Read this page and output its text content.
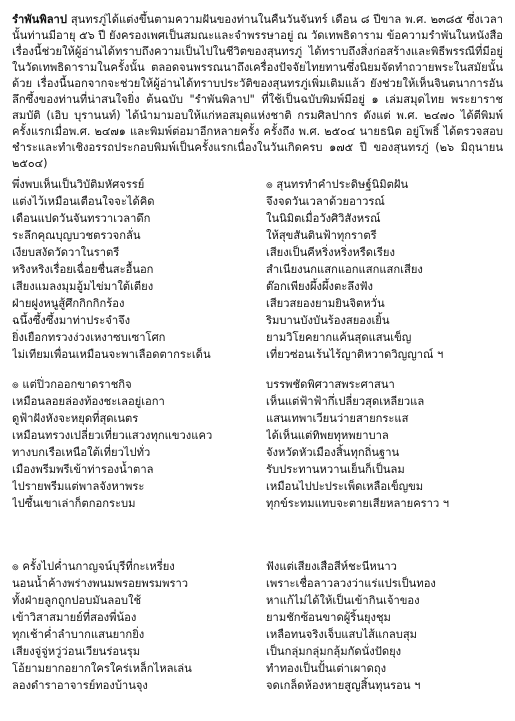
รำพันพิลาป สุนทรภู่ได้แต่งขึ้นตามความฝันของท่านในคืนวันจันทร์ เดือน ๘ ปีขาล พ.ศ. ๒๓๘๕ ซึ่งเวลานั้นท่านมีอายุ ๕๖ ปี ยังครองเพศเป็นสมณะและจำพรรษาอยู่ ณ วัดเทพธิดาราม ข้อความรำพันในหนังสือเรื่องนี้ช่วยให้ผู้อ่านได้ทราบถึงความเป็นไปในชีวิตของสุนทรภู่ ได้ทราบถึงสิ่งก่อสร้างและพิธีพรรณีที่มีอยู่ในวัดเทพธิดารามในครั้งนั้น ตลอดจนพรรณนาถึงเครื่องปัจจัยไทยทานซึ่งนิยมจัดทำถวายพระในสมัยนั้นด้วย เรื่องนี้นอกจากจะช่วยให้ผู้อ่านได้ทราบประวัติของสุนทรภู่เพิ่มเติมแล้ว ยังช่วยให้เห็นจินตนาการอันลึกซึ้งของท่านที่น่าสนใจยิ่ง ต้นฉบับ "รำพันพิลาป" ที่ใช้เป็นฉบับพิมพ์มีอยู่ ๑ เล่มสมุดไทย พระยาราชสมบัติ (เอิบ บุรานนท์) ได้นำมามอบให้แก่หอสมุดแห่งชาติ กรมศิลปากร ดังแต่ พ.ศ. ๒๔๗๐ ได้ตีพิมพ์ครั้งแรกเมื่อพ.ศ. ๒๔๗๑ และพิมพ์ต่อมาอีกหลายครั้ง ครั้งถึง พ.ศ. ๒๕๐๔ นายธนิต อยู่โพธิ์ ได้ตรวจสอบชำระและทำเชิงอรรถประกอบพิมพ์เป็นครั้งแรกเนื่องในวันเกิดครบ ๑๗๕ ปี ของสุนทรภู่ (๒๖ มิถุนายน ๒๕๐๔)
พึ่งพบเห็นเป็นวิบัติมหัศจรรย์
แต่งไว้เหมือนเตือนใจจะได้คิด
เดือนแปดวันจันทรวาเวลาดึก
ระลึกคุณบุญบวชตรวจกลั่น
เงียบสงัดวัดวาในราตรี
หริงหริงเรื่อยเฉื่อยชื่นสะอื้นอก
เสียงแมลงมุมอู้มไข่มาใต้เตียง
ฝ่ายฝูงหนูสู้ศึกกิกกิกร้อง
ฉนึ้งซึ้งซึ้งมาท่าประจำจึง
ยิ่งเยือกทรวงง่วงเหงาซบเซาโศก
ไม่เทียมเพื่อนเหมือนจะพาเลือดตากระเด็น
๏ สุนทรทำคำประดิษฐ์นิมิตฝัน
จึงจดวันเวลาด้วยอาวรณ์
ในนิมิตเมื่อวังศิวิสังหรณ์
ให้สุขสันตินฟ้าทุกราตรี
เสียงเป็นคีหริ่งหริ่งหรืดเรียง
สำเนียงนกแสกแอกแสกแสกเสียง
ต๊อกเพียงผึ้งผึ้งตะลึงฟัง
เสียวสยองยามยินจิตหวั่น
ริมบานบังบันร้องสยองเยิ้น
ยามวิโยคยากแค้นสุดแสนเข็ญ
เที่ยวซ่อนเร้นไร้ญาติหวาดวิญญาณ์ ฯ
๏ แต่ปิ่วกออกขาดราชกิจ
เหมือนลอยล่องท้องชะเลอยู่เอกา
ดูฟ้าฝังหังจะหยุดที่สุดเนตร
เหมือนทรวงเปลี่ยวเที่ยวแสวงทุกแขวงแคว
ทางบกเรือเหนือใต้เที่ยวไปทั่ว
เมืองพรีมพรีเข้าท่ารองน้ำตาล
ไปรายพรีมแต่พาลจังหาพระ
ไปซึ้นเขาเล่าก็ตกอกระบม
บรรพชัดพิศวาสพระศาสนา
เห็นแต่ฟ้าฟ้ากึ่เปลี่ยวสุดเหลียวแล
แสนเทพาเวียนว่ายสายกระแส
ได้เห็นแต่ทิพยทุหพยาบาล
จังหวัดหัวเมืองสิ้นทุกถิ่นฐาน
รับประทานหวานเย็นก็เป็นลม
เหมือนไปปะประเพ็ดเหลือเข็ญขม
ทุกข์ระทมแทบจะตายเสียหลายคราว ฯ
๏ ครั้งไปค่ำนกาญจน์บุรีที่กะเหรี่ยง
นอนน้ำค้างพร่างพนมพรอยพรมพราว
ทั้งฝ่ายลูกถูกปอบมันลอบใช้
เข้าวิสาสมายย์ที่สองพี่น้อง
ทุกเช้าค่ำลำบากแสนยากยิ่ง
เสียงจู่จู่หวู่ว่อนเวียนร่อนรุม
โอ้ยามยากอยากใครใคร่เหล็กไหลเล่น
ลองดำราอาจารย์ทองบ้านจุง
ฟังแต่เสียงเสือสีห์ชะนีหนาว
เพราะเชื่อลาวลวงว่าแร่แปรเป็นทอง
หาแก้ไม่ได้ให้เป็นเข้ากินเจ้าของ
ยามชักซ้อนขาดผู้ริ้นยุงชุม
เหลือทนจริงเจ็บแสบไส้แกลบสุม
เป็นกลุ่มกลุ่มกลุ้มกัดนั่งปัดยุง
ทำทองเป็นปั้นเต่าเผาดถุง
จดเกล็ดห้องหายสูญสิ้นทุนรอน ฯ
